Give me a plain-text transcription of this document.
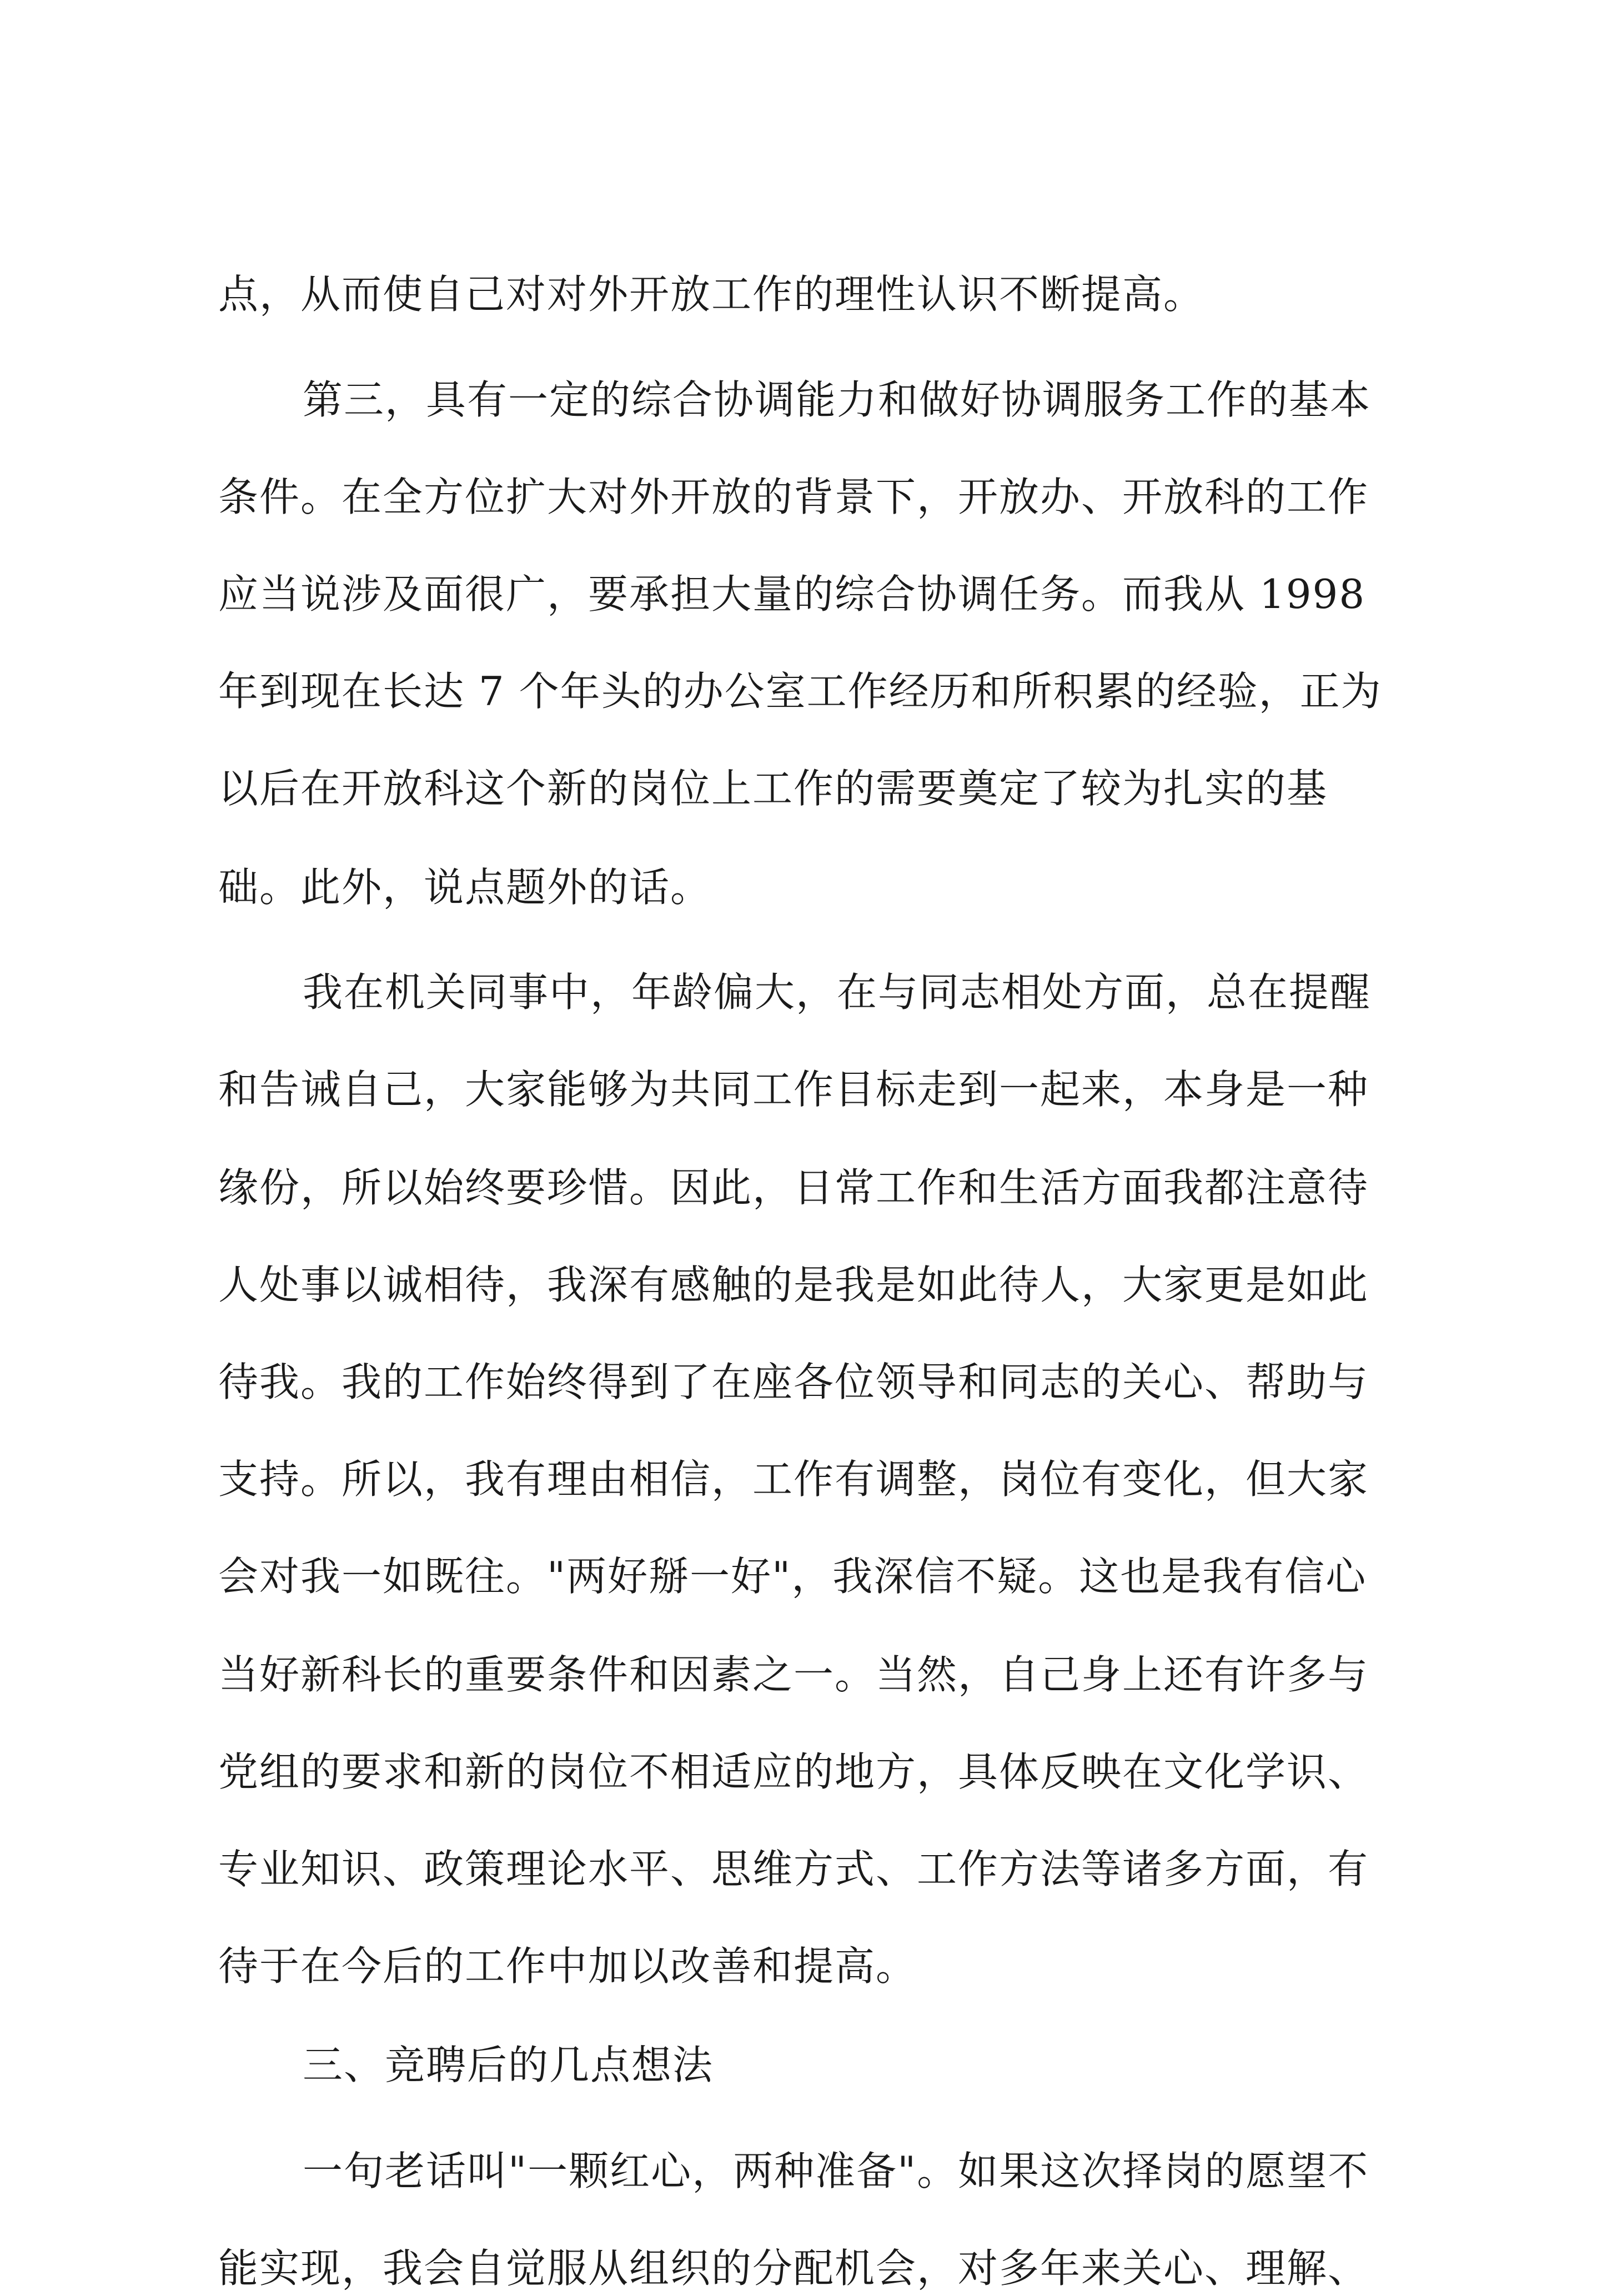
点，从而使自己对对外开放工作的理性认识不断提高。
第三，具有一定的综合协调能力和做好协调服务工作的基本
条件。在全方位扩大对外开放的背景下，开放办、开放科的工作
应当说涉及面很广，要承担大量的综合协调任务。而我从 1998
年到现在长达 7 个年头的办公室工作经历和所积累的经验，正为
以后在开放科这个新的岗位上工作的需要奠定了较为扎实的基
础。此外，说点题外的话。
我在机关同事中，年龄偏大，在与同志相处方面，总在提醒
和告诫自己，大家能够为共同工作目标走到一起来，本身是一种
缘份，所以始终要珍惜。因此，日常工作和生活方面我都注意待
人处事以诚相待，我深有感触的是我是如此待人，大家更是如此
待我。我的工作始终得到了在座各位领导和同志的关心、帮助与
支持。所以，我有理由相信，工作有调整，岗位有变化，但大家
会对我一如既往。"两好掰一好"，我深信不疑。这也是我有信心
当好新科长的重要条件和因素之一。当然，自己身上还有许多与
党组的要求和新的岗位不相适应的地方，具体反映在文化学识、
专业知识、政策理论水平、思维方式、工作方法等诸多方面，有
待于在今后的工作中加以改善和提高。
三、竞聘后的几点想法
一句老话叫"一颗红心，两种准备"。如果这次择岗的愿望不
能实现，我会自觉服从组织的分配机会，对多年来关心、理解、
